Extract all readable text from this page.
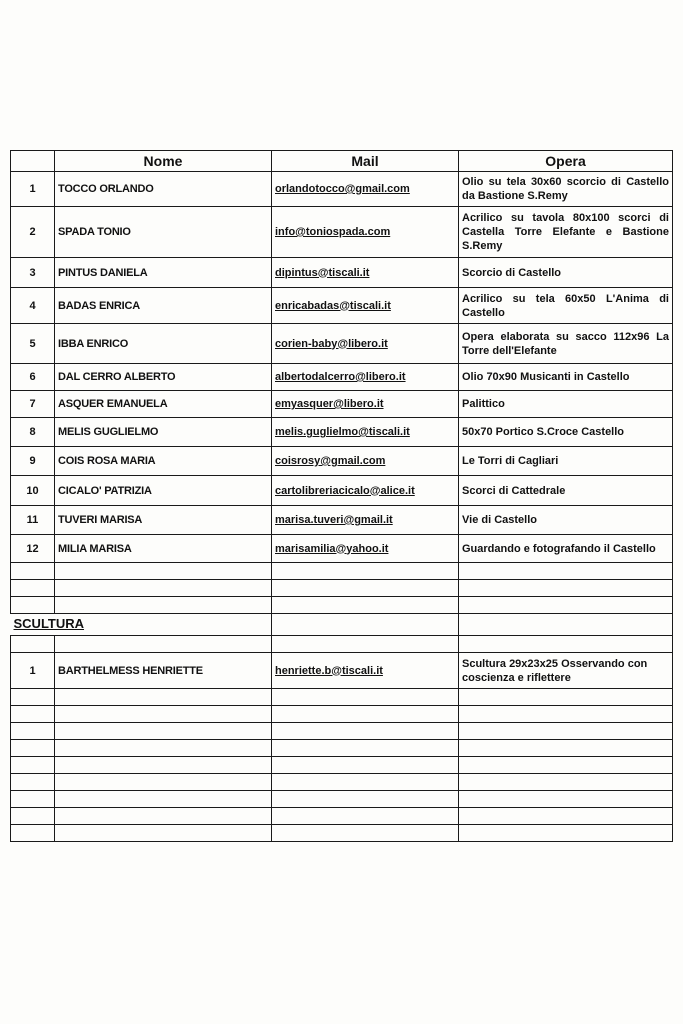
	Nome	Mail	Opera
1	TOCCO ORLANDO	orlandotocco@gmail.com	Olio su tela 30x60 scorcio di Castello da Bastione S.Remy
2	SPADA TONIO	info@toniospada.com	Acrilico su tavola 80x100 scorci di Castella Torre Elefante e Bastione S.Remy
3	PINTUS DANIELA	dipintus@tiscali.it	Scorcio di Castello
4	BADAS ENRICA	enricabadas@tiscali.it	Acrilico su tela 60x50 L'Anima di Castello
5	IBBA ENRICO	corien-baby@libero.it	Opera elaborata su sacco 112x96 La Torre dell'Elefante
6	DAL CERRO ALBERTO	albertodalcerro@libero.it	Olio 70x90 Musicanti in Castello
7	ASQUER EMANUELA	emyasquer@libero.it	Palittico
8	MELIS GUGLIELMO	melis.guglielmo@tiscali.it	50x70 Portico S.Croce Castello
9	COIS ROSA MARIA	coisrosy@gmail.com	Le Torri di Cagliari
10	CICALO' PATRIZIA	cartolibreriacicalo@alice.it	Scorci di Cattedrale
11	TUVERI MARISA	marisa.tuveri@gmail.it	Vie di Castello
12	MILIA MARISA	marisamilia@yahoo.it	Guardando e fotografando il Castello

SCULTURA			

1	BARTHELMESS HENRIETTE	henriette.b@tiscali.it	Scultura 29x23x25 Osservando con coscienza e riflettere
